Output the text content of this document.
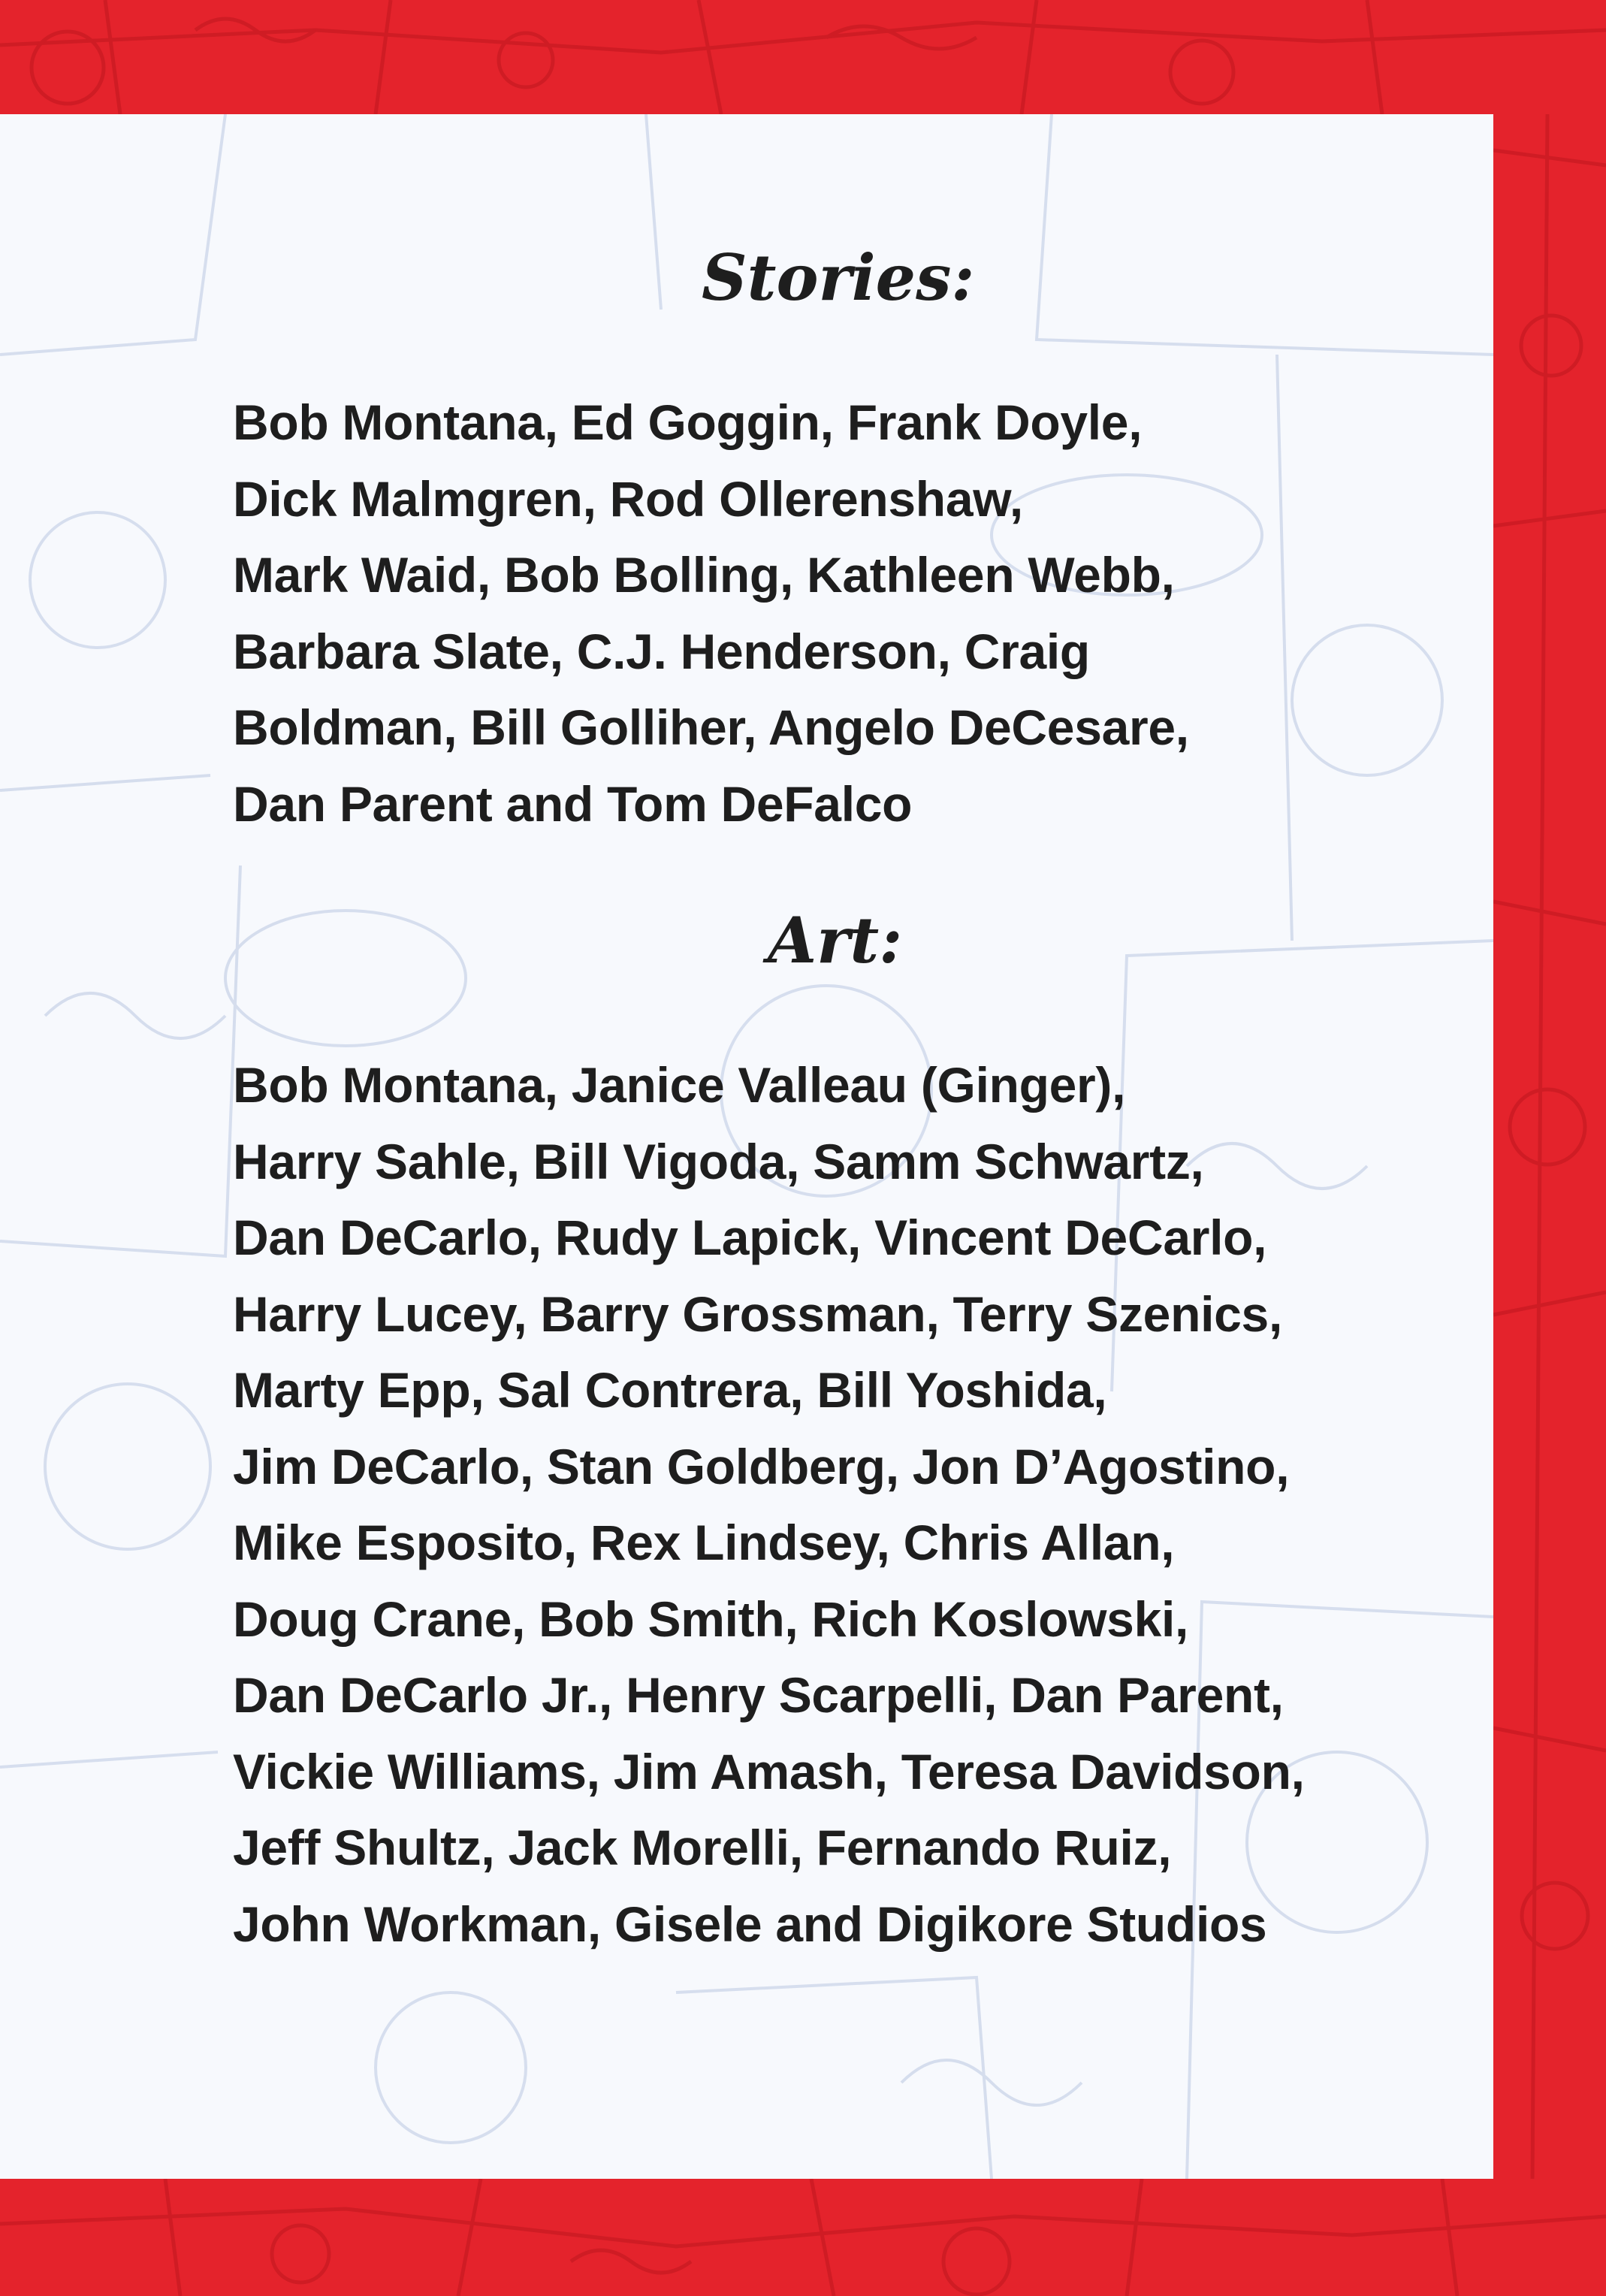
Stories:
Bob Montana, Ed Goggin, Frank Doyle,
Dick Malmgren, Rod Ollerenshaw,
Mark Waid, Bob Bolling, Kathleen Webb,
Barbara Slate, C.J. Henderson, Craig
Boldman, Bill Golliher, Angelo DeCesare,
Dan Parent and Tom DeFalco
Art:
Bob Montana, Janice Valleau (Ginger),
Harry Sahle, Bill Vigoda, Samm Schwartz,
Dan DeCarlo, Rudy Lapick, Vincent DeCarlo,
Harry Lucey, Barry Grossman, Terry Szenics,
Marty Epp, Sal Contrera, Bill Yoshida,
Jim DeCarlo, Stan Goldberg, Jon D’Agostino,
Mike Esposito, Rex Lindsey, Chris Allan,
Doug Crane, Bob Smith, Rich Koslowski,
Dan DeCarlo Jr., Henry Scarpelli, Dan Parent,
Vickie Williams, Jim Amash, Teresa Davidson,
Jeff Shultz, Jack Morelli, Fernando Ruiz,
John Workman, Gisele and Digikore Studios
